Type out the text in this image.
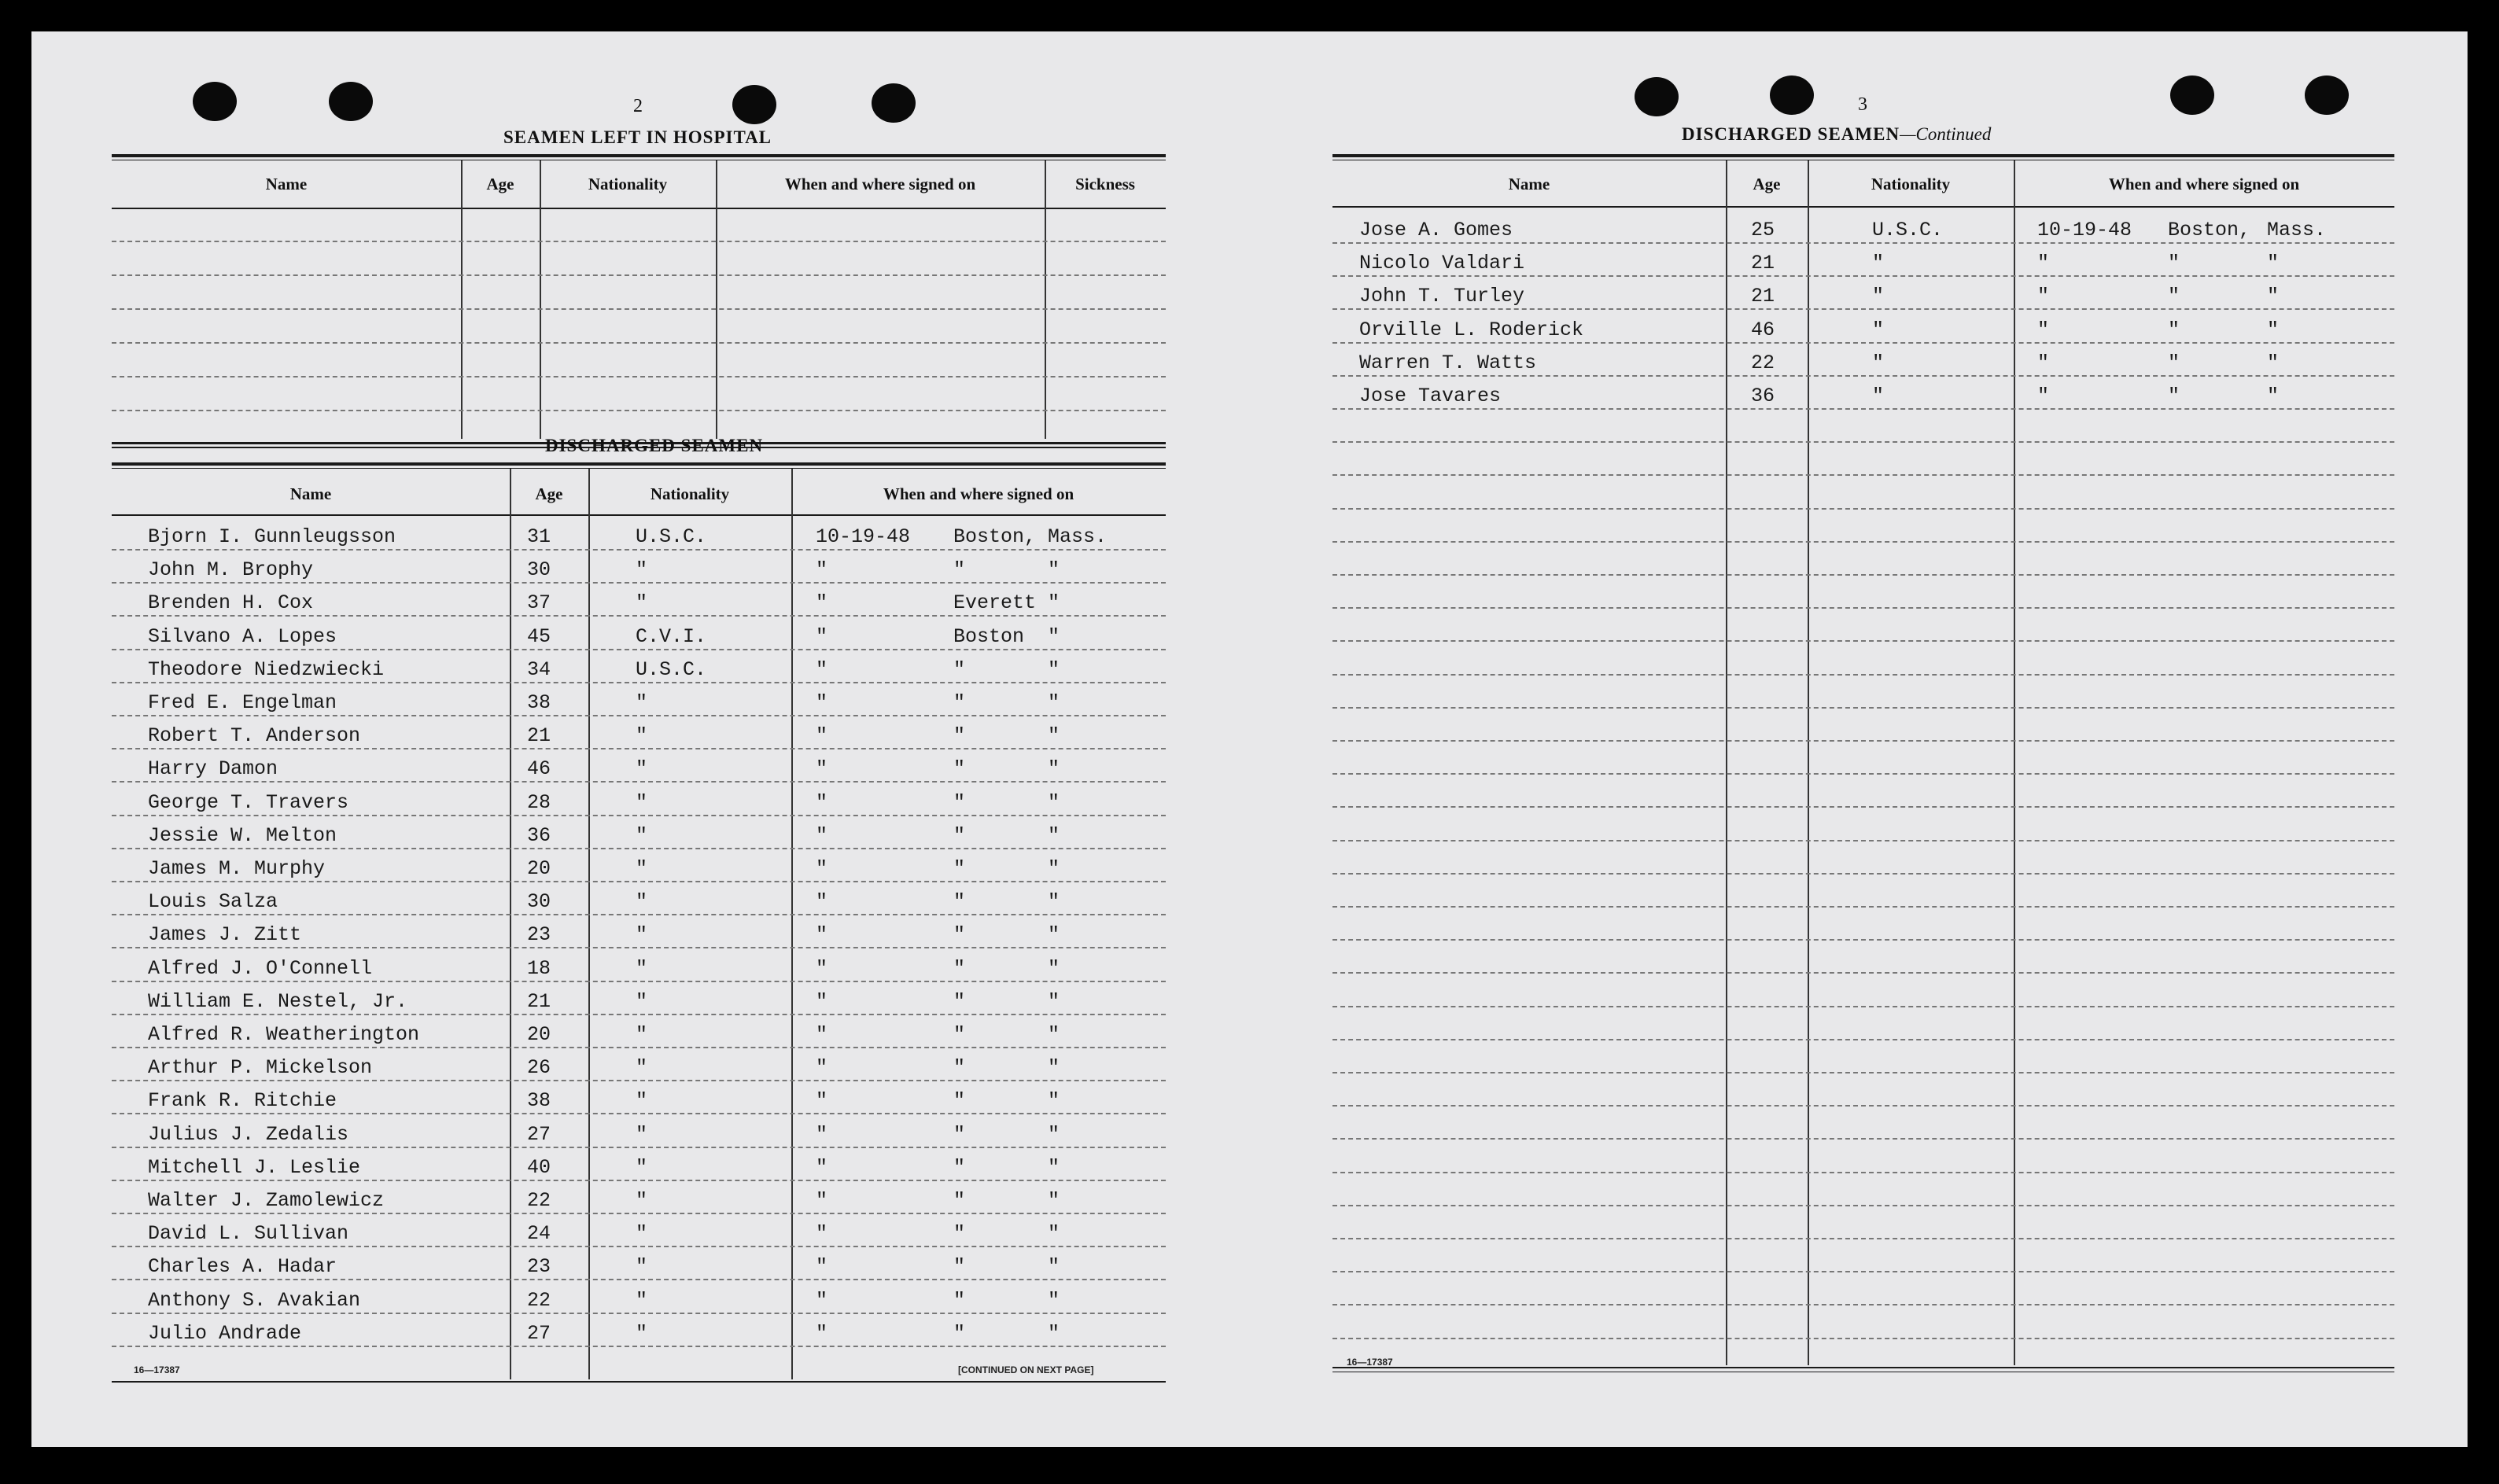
2
SEAMEN LEFT IN HOSPITAL
Name	Age	Nationality	When and where signed on	Sickness
DISCHARGED SEAMEN
Name	Age	Nationality	When and where signed on
Bjorn I. Gunnleugsson	31	U.S.C.	10-19-48 Boston, Mass.
John M. Brophy	30	"	"	"	"
Brenden H. Cox	37	"	"	Everett "
Silvano A. Lopes	45	C.V.I.	"	Boston "
Theodore Niedzwiecki	34	U.S.C.	"	"	"
Fred E. Engelman	38	"	"	"	"
Robert T. Anderson	21	"	"	"	"
Harry Damon	46	"	"	"	"
George T. Travers	28	"	"	"	"
Jessie W. Melton	36	"	"	"	"
James M. Murphy	20	"	"	"	"
Louis Salza	30	"	"	"	"
James J. Zitt	23	"	"	"	"
Alfred J. O'Connell	18	"	"	"	"
William E. Nestel, Jr.	21	"	"	"	"
Alfred R. Weatherington	20	"	"	"	"
Arthur P. Mickelson	26	"	"	"	"
Frank R. Ritchie	38	"	"	"	"
Julius J. Zedalis	27	"	"	"	"
Mitchell J. Leslie	40	"	"	"	"
Walter J. Zamolewicz	22	"	"	"	"
David L. Sullivan	24	"	"	"	"
Charles A. Hadar	23	"	"	"	"
Anthony S. Avakian	22	"	"	"	"
Julio Andrade	27	"	"	"	"
16—17387	[CONTINUED ON NEXT PAGE]
3
DISCHARGED SEAMEN—Continued
Name	Age	Nationality	When and where signed on
Jose A. Gomes	25	U.S.C.	10-19-48 Boston, Mass.
Nicolo Valdari	21	"	"	"	"
John T. Turley	21	"	"	"	"
Orville L. Roderick	46	"	"	"	"
Warren T. Watts	22	"	"	"	"
Jose Tavares	36	"	"	"	"
16—17387
